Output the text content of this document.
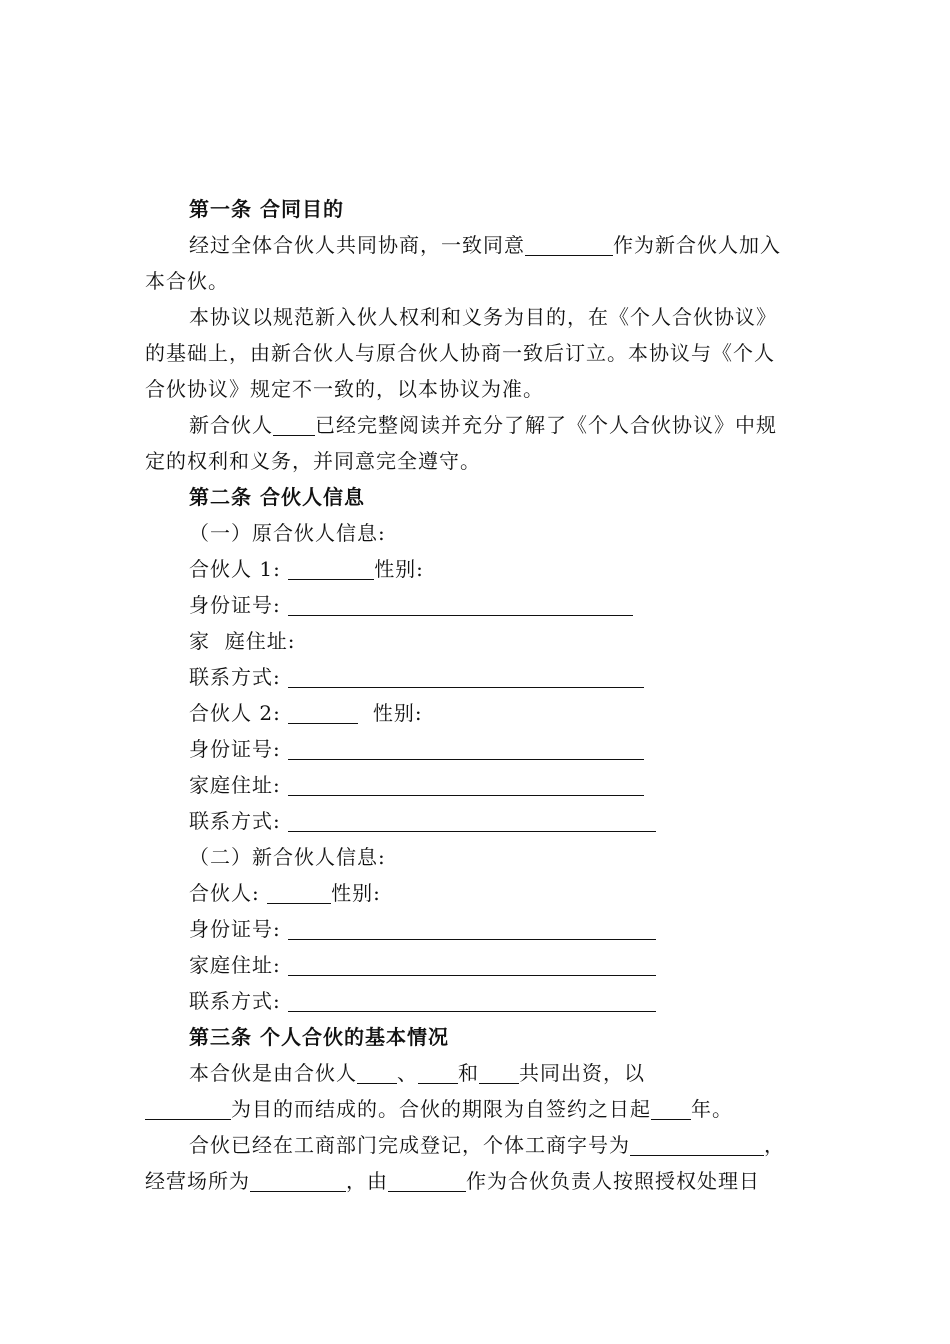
第一条 合同目的
经过全体合伙人共同协商，一致同意	作为新合伙人加入
本合伙。
本协议以规范新入伙人权利和义务为目的，在《个人合伙协议》
的基础上，由新合伙人与原合伙人协商一致后订立。本协议与《个人
合伙协议》规定不一致的，以本协议为准。
新合伙人 已经完整阅读并充分了解了《个人合伙协议》中规
定的权利和义务，并同意完全遵守。
第二条 合伙人信息
（一）原合伙人信息:
合伙人 1:	性别:
身份证号:
家  庭住址:
联系方式:
合伙人 2:	性别:
身份证号:
家庭住址:
联系方式:
（二）新合伙人信息:
合伙人:	性别:
身份证号:
家庭住址:
联系方式:
第三条 个人合伙的基本情况
本合伙是由合伙人 、 和 共同出资，以
为目的而结成的。合伙的期限为自签约之日起 年。
合伙已经在工商部门完成登记，个体工商字号为	，
经营场所为	，由	作为合伙负责人按照授权处理日
